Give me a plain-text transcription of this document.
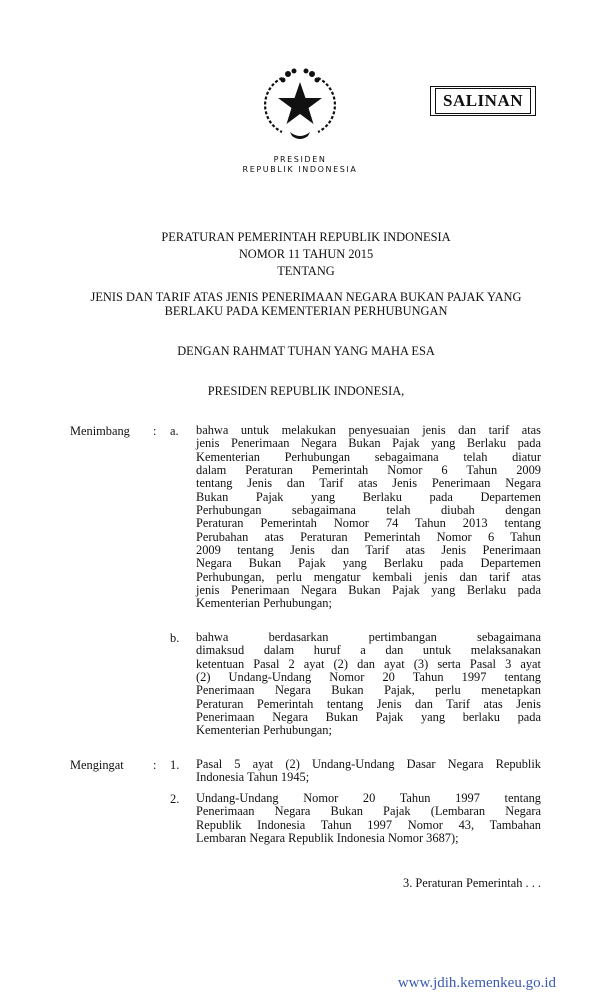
SALINAN
PRESIDEN
REPUBLIK INDONESIA
PERATURAN PEMERINTAH REPUBLIK INDONESIA
NOMOR 11 TAHUN 2015
TENTANG
JENIS DAN TARIF ATAS JENIS PENERIMAAN NEGARA BUKAN PAJAK YANG
BERLAKU PADA KEMENTERIAN PERHUBUNGAN
DENGAN RAHMAT TUHAN YANG MAHA ESA
PRESIDEN REPUBLIK INDONESIA,
Menimbang :
Mengingat :
a. bahwa untuk melakukan penyesuaian jenis dan tarif atas
jenis Penerimaan Negara Bukan Pajak yang Berlaku pada
Kementerian Perhubungan sebagaimana telah diatur
dalam Peraturan Pemerintah Nomor 6 Tahun 2009
tentang Jenis dan Tarif atas Jenis Penerimaan Negara
Bukan Pajak yang Berlaku pada Departemen
Perhubungan sebagaimana telah diubah dengan
Peraturan Pemerintah Nomor 74 Tahun 2013 tentang
Perubahan atas Peraturan Pemerintah Nomor 6 Tahun
2009 tentang Jenis dan Tarif atas Jenis Penerimaan
Negara Bukan Pajak yang Berlaku pada Departemen
Perhubungan, perlu mengatur kembali jenis dan tarif atas
jenis Penerimaan Negara Bukan Pajak yang Berlaku pada
Kementerian Perhubungan;
b. bahwa berdasarkan pertimbangan sebagaimana
dimaksud dalam huruf a dan untuk melaksanakan
ketentuan Pasal 2 ayat (2) dan ayat (3) serta Pasal 3 ayat
(2) Undang-Undang Nomor 20 Tahun 1997 tentang
Penerimaan Negara Bukan Pajak, perlu menetapkan
Peraturan Pemerintah tentang Jenis dan Tarif atas Jenis
Penerimaan Negara Bukan Pajak yang berlaku pada
Kementerian Perhubungan;
1. Pasal 5 ayat (2) Undang-Undang Dasar Negara Republik
Indonesia Tahun 1945;
2. Undang-Undang Nomor 20 Tahun 1997 tentang
Penerimaan Negara Bukan Pajak (Lembaran Negara
Republik Indonesia Tahun 1997 Nomor 43, Tambahan
Lembaran Negara Republik Indonesia Nomor 3687);
3. Peraturan Pemerintah . . .
www.jdih.kemenkeu.go.id
